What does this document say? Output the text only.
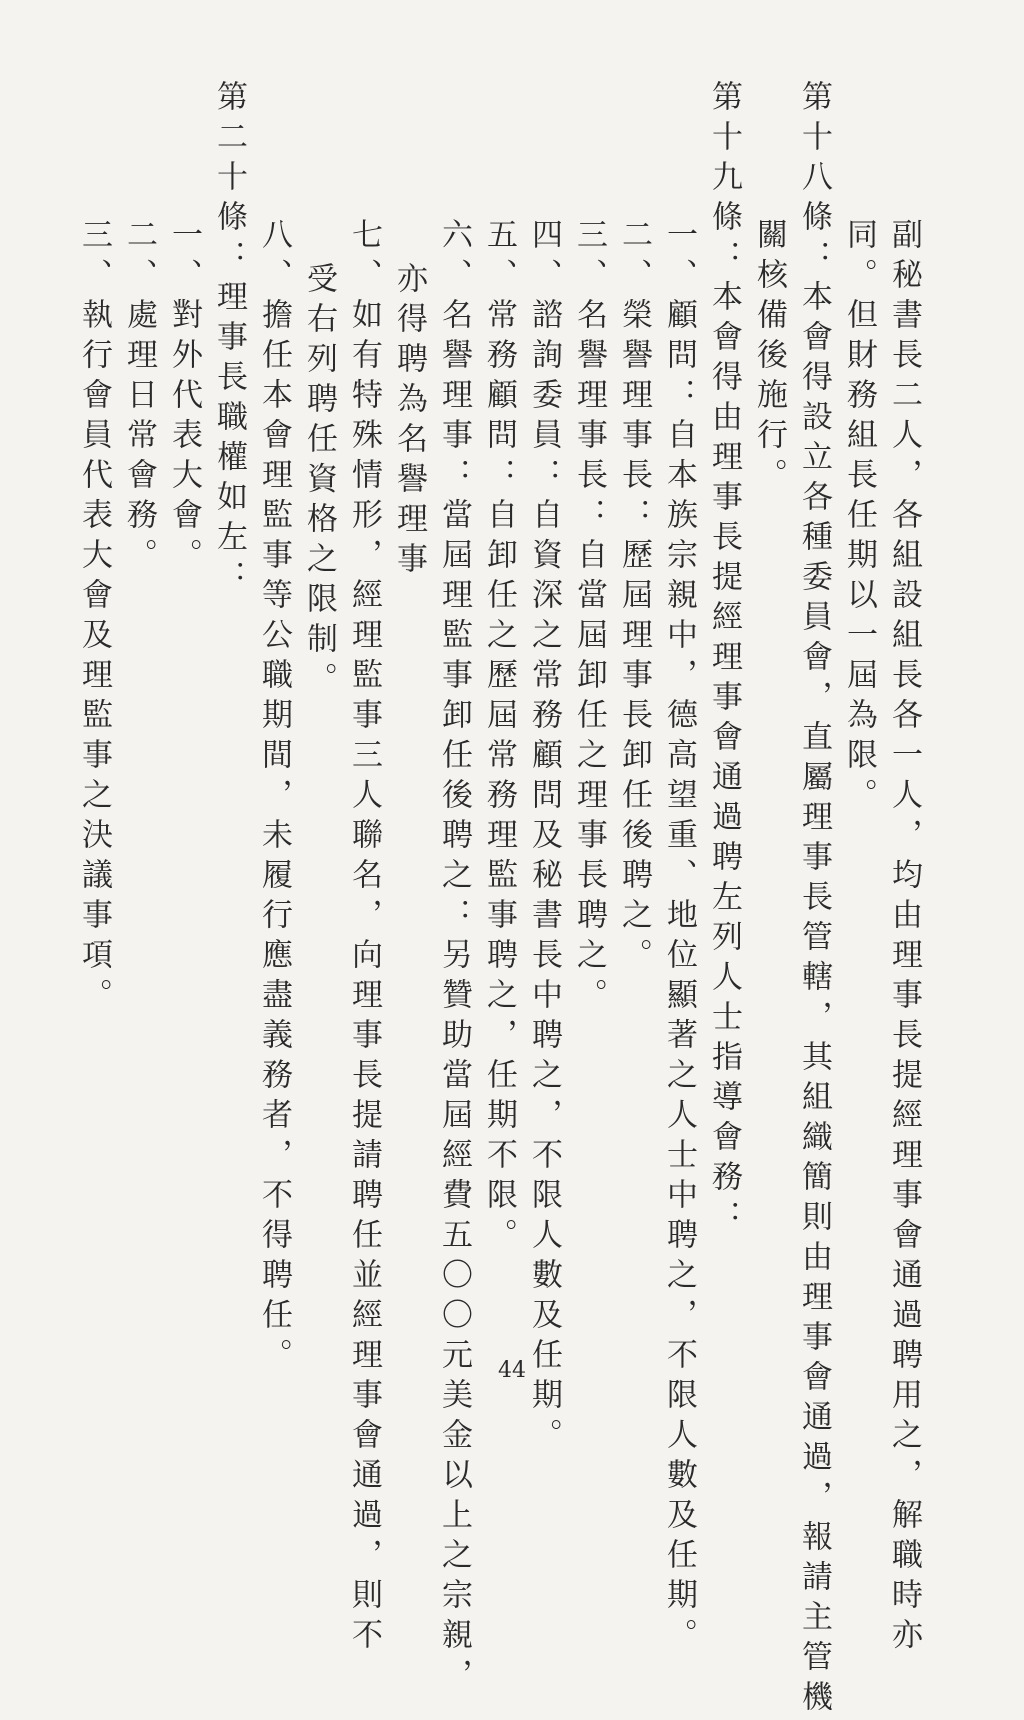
副秘書長二人，各組設組長各一人，均由理事長提經理事會通過聘用之，解職時亦
同。但財務組長任期以一屆為限。
第十八條：本會得設立各種委員會，直屬理事長管轄，其組織簡則由理事會通過，報請主管機
關核備後施行。
第十九條：本會得由理事長提經理事會通過聘左列人士指導會務：
一、顧問：自本族宗親中，德高望重、地位顯著之人士中聘之，不限人數及任期。
二、榮譽理事長：歷屆理事長卸任後聘之。
三、名譽理事長：自當屆卸任之理事長聘之。
四、諮詢委員：自資深之常務顧問及秘書長中聘之，不限人數及任期。
五、常務顧問：自卸任之歷屆常務理監事聘之，任期不限。
六、名譽理事：當屆理監事卸任後聘之：另贊助當屆經費五〇〇元美金以上之宗親，
亦得聘為名譽理事
七、如有特殊情形，經理監事三人聯名，向理事長提請聘任並經理事會通過，則不
受右列聘任資格之限制。
八、擔任本會理監事等公職期間，未履行應盡義務者，不得聘任。
第二十條：理事長職權如左：
一、對外代表大會。
二、處理日常會務。
三、執行會員代表大會及理監事之決議事項。
44
